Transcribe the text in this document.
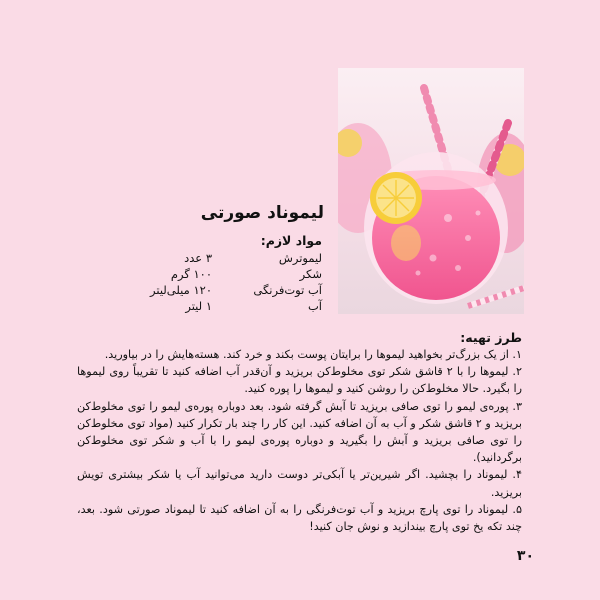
لیموناد صورتی
مواد لازم:
لیموترش
۳ عدد
شکر
۱۰۰ گرم
آب توت‌فرنگی
۱۲۰ میلی‌لیتر
آب
۱ لیتر
طرز تهیه:
۱. از یک بزرگ‌تر بخواهید لیموها را برایتان پوست بکند و خرد کند. هسته‌هایش را در بیاورید.
۲. لیموها را با ۲ قاشق شکر توی مخلوط‌کن بریزید و آن‌قدر آب اضافه کنید تا تقریباً روی لیموها را بگیرد. حالا مخلوط‌کن را روشن کنید و لیموها را پوره کنید.
۳. پوره‌ی لیمو را توی صافی بریزید تا آبش گرفته شود. بعد دوباره پوره‌ی لیمو را توی مخلوط‌کن بریزید و ۲ قاشق شکر و آب به آن اضافه کنید. این کار را چند بار تکرار کنید (مواد توی مخلوط‌کن را توی صافی بریزید و آبش را بگیرید و دوباره پوره‌ی لیمو را با آب و شکر توی مخلوط‌کن برگردانید).
۴. لیموناد را بچشید. اگر شیرین‌تر یا آبکی‌تر دوست دارید می‌توانید آب یا شکر بیشتری تویش بریزید.
۵. لیموناد را توی پارچ بریزید و آب توت‌فرنگی را به آن اضافه کنید تا لیموناد صورتی شود. بعد، چند تکه یخ توی پارچ بیندازید و نوش جان کنید!
۳۰
